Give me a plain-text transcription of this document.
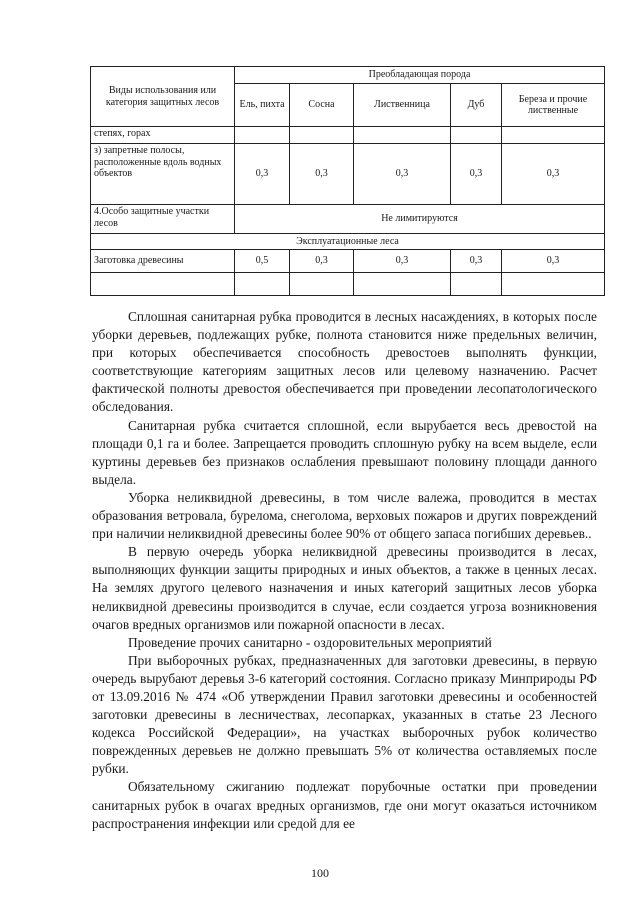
Виды использования или категория защитных лесов	Преобладающая порода				
	Ель, пихта	Сосна	Лиственница	Дуб	Береза и прочие лиственные
степях, горах					
з) запретные полосы, расположенные вдоль водных объектов	0,3	0,3	0,3	0,3	0,3
4.Особо защитные участки лесов	Не лимитируются				
Эксплуатационные леса					
Заготовка древесины	0,5	0,3	0,3	0,3	0,3

Сплошная санитарная рубка проводится в лесных насаждениях, в которых после уборки деревьев, подлежащих рубке, полнота становится ниже предельных величин, при которых обеспечивается способность древостоев выполнять функции, соответствующие категориям защитных лесов или целевому назначению. Расчет фактической полноты древостоя обеспечивается при проведении лесопатологического обследования.

Санитарная рубка считается сплошной, если вырубается весь древостой на площади 0,1 га и более. Запрещается проводить сплошную рубку на всем выделе, если куртины деревьев без признаков ослабления превышают половину площади данного выдела.

Уборка неликвидной древесины, в том числе валежа, проводится в местах образования ветровала, бурелома, снеголома, верховых пожаров и других повреждений при наличии неликвидной древесины более 90% от общего запаса погибших деревьев..

В первую очередь уборка неликвидной древесины производится в лесах, выполняющих функции защиты природных и иных объектов, а также в ценных лесах. На землях другого целевого назначения и иных категорий защитных лесов уборка неликвидной древесины производится в случае, если создается угроза возникновения очагов вредных организмов или пожарной опасности в лесах.

Проведение прочих санитарно - оздоровительных мероприятий

При выборочных рубках, предназначенных для заготовки древесины, в первую очередь вырубают деревья 3-6 категорий состояния. Согласно приказу Минприроды РФ от 13.09.2016 № 474 «Об утверждении Правил заготовки древесины и особенностей заготовки древесины в лесничествах, лесопарках, указанных в статье 23 Лесного кодекса Российской Федерации», на участках выборочных рубок количество поврежденных деревьев не должно превышать 5% от количества оставляемых после рубки.

Обязательному сжиганию подлежат порубочные остатки при проведении санитарных рубок в очагах вредных организмов, где они могут оказаться источником распространения инфекции или средой для ее

100
